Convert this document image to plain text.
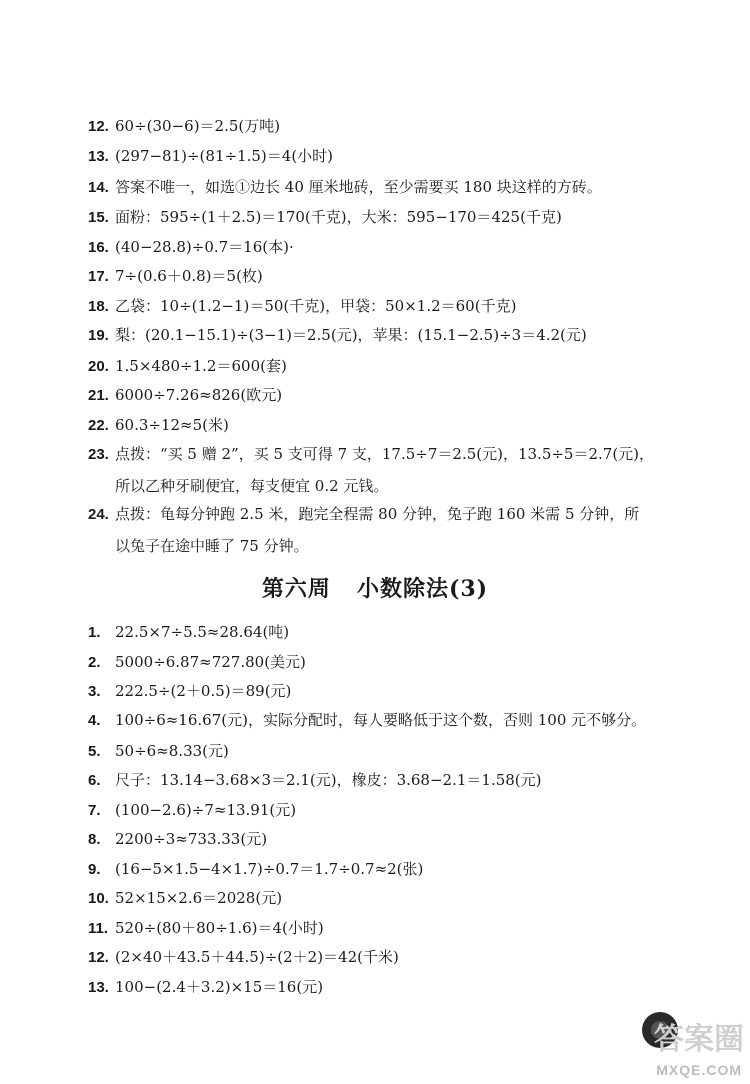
12. 60÷(30−6)＝2.5(万吨)
13. (297−81)÷(81÷1.5)＝4(小时)
14. 答案不唯一，如选①边长 40 厘米地砖，至少需要买 180 块这样的方砖。
15. 面粉：595÷(1＋2.5)＝170(千克)，大米：595−170＝425(千克)
16. (40−28.8)÷0.7＝16(本)·
17. 7÷(0.6＋0.8)＝5(枚)
18. 乙袋：10÷(1.2−1)＝50(千克)，甲袋：50×1.2＝60(千克)
19. 梨：(20.1−15.1)÷(3−1)＝2.5(元)，苹果：(15.1−2.5)÷3＝4.2(元)
20. 1.5×480÷1.2＝600(套)
21. 6000÷7.26≈826(欧元)
22. 60.3÷12≈5(米)
23. 点拨：“买 5 赠 2”，买 5 支可得 7 支，17.5÷7＝2.5(元)，13.5÷5＝2.7(元)，
所以乙种牙刷便宜，每支便宜 0.2 元钱。
24. 点拨：龟每分钟跑 2.5 米，跑完全程需 80 分钟，兔子跑 160 米需 5 分钟，所
以兔子在途中睡了 75 分钟。
第六周 小数除法(3)
1. 22.5×7÷5.5≈28.64(吨)
2. 5000÷6.87≈727.80(美元)
3. 222.5÷(2＋0.5)＝89(元)
4. 100÷6≈16.67(元)，实际分配时，每人要略低于这个数，否则 100 元不够分。
5. 50÷6≈8.33(元)
6. 尺子：13.14−3.68×3＝2.1(元)，橡皮：3.68−2.1＝1.58(元)
7. (100−2.6)÷7≈13.91(元)
8. 2200÷3≈733.33(元)
9. (16−5×1.5−4×1.7)÷0.7＝1.7÷0.7≈2(张)
10. 52×15×2.6＝2028(元)
11. 520÷(80＋80÷1.6)＝4(小时)
12. (2×40＋43.5＋44.5)÷(2＋2)＝42(千米)
13. 100−(2.4＋3.2)×15＝16(元)
答案圈
MXQE.COM
